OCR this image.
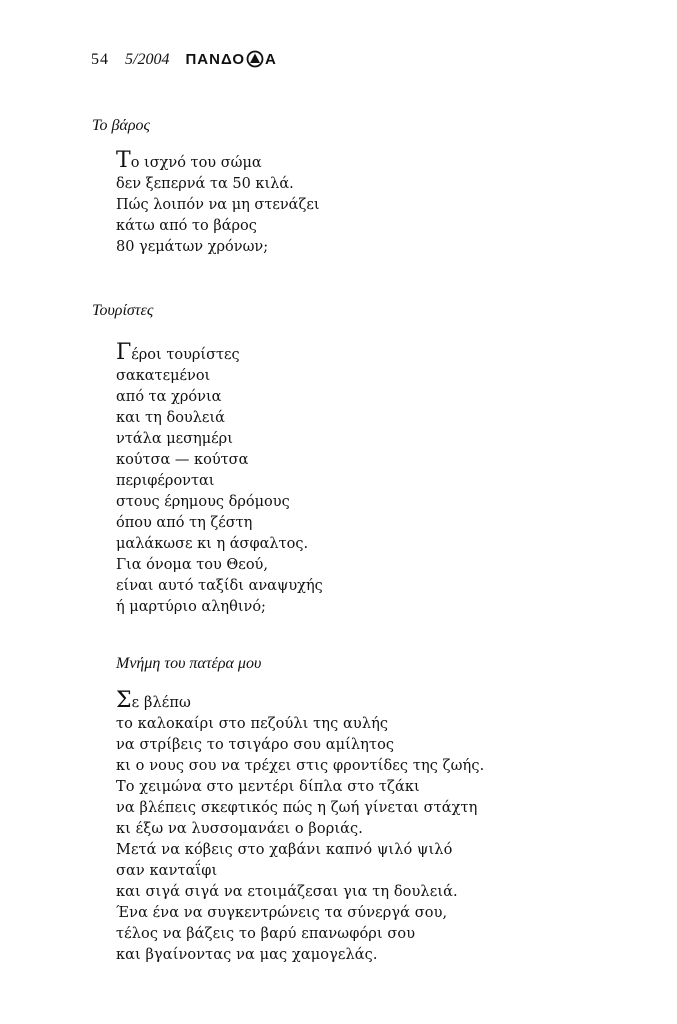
54 5/2004 ΠΑΝΔΟ Α
Το βάρος
Το ισχνό του σώμα
δεν ξεπερνά τα 50 κιλά.
Πώς λοιπόν να μη στενάζει
κάτω από το βάρος
80 γεμάτων χρόνων;
Τουρίστες
Γέροι τουρίστες
σακατεμένοι
από τα χρόνια
και τη δουλειά
ντάλα μεσημέρι
κούτσα — κούτσα
περιφέρονται
στους έρημους δρόμους
όπου από τη ζέστη
μαλάκωσε κι η άσφαλτος.
Για όνομα του Θεού,
είναι αυτό ταξίδι αναψυχής
ή μαρτύριο αληθινό;
Μνήμη του πατέρα μου
Σε βλέπω
το καλοκαίρι στο πεζούλι της αυλής
να στρίβεις το τσιγάρο σου αμίλητος
κι ο νους σου να τρέχει στις φροντίδες της ζωής.
Το χειμώνα στο μεντέρι δίπλα στο τζάκι
να βλέπεις σκεφτικός πώς η ζωή γίνεται στάχτη
κι έξω να λυσσομανάει ο βοριάς.
Μετά να κόβεις στο χαβάνι καπνό ψιλό ψιλό
σαν κανταΐφι
και σιγά σιγά να ετοιμάζεσαι για τη δουλειά.
Ένα ένα να συγκεντρώνεις τα σύνεργά σου,
τέλος να βάζεις το βαρύ επανωφόρι σου
και βγαίνοντας να μας χαμογελάς.
